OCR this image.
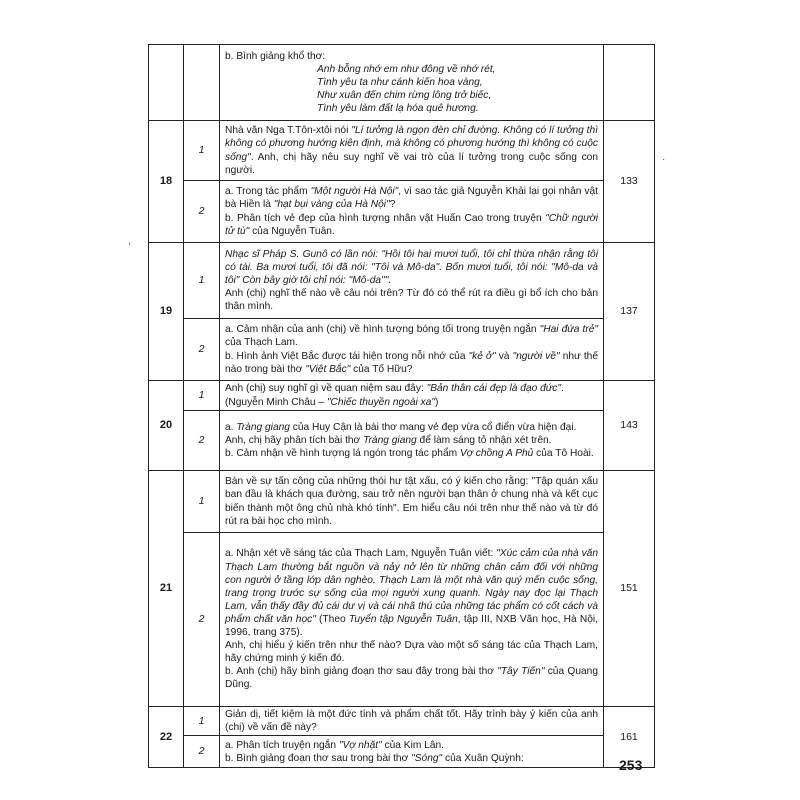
		b. Bình giảng khổ thơ:
Anh bỗng nhớ em như đông về nhớ rét,
Tình yêu ta như cánh kiến hoa vàng,
Như xuân đến chim rừng lông trở biếc,
Tình yêu làm đất lạ hóa quê hương.	

18	1	Nhà văn Nga T.Tôn-xtôi nói "Lí tưởng là ngọn đèn chỉ đường. Không có lí tưởng thì không có phương hướng kiên định, mà không có phương hướng thì không có cuộc sống". Anh, chị hãy nêu suy nghĩ về vai trò của lí tưởng trong cuộc sống con người.	133
	2	a. Trong tác phẩm "Một người Hà Nội", vì sao tác giả Nguyễn Khải lại gọi nhân vật bà Hiền là "hạt bụi vàng của Hà Nội"?
b. Phân tích vẻ đẹp của hình tượng nhân vật Huấn Cao trong truyện "Chữ người tử tù" của Nguyễn Tuân.	

19	1	Nhạc sĩ Pháp S. Gunô có lần nói: "Hồi tôi hai mươi tuổi, tôi chỉ thừa nhận rằng tôi có tài. Ba mươi tuổi, tôi đã nói: "Tôi và Mô-da". Bốn mươi tuổi, tôi nói: "Mô-da và tôi" Còn bây giờ tôi chỉ nói: "Mô-da"".
Anh (chị) nghĩ thế nào về câu nói trên? Từ đó có thể rút ra điều gì bổ ích cho bản thân mình.	137
	2	a. Cảm nhận của anh (chị) về hình tượng bóng tối trong truyện ngắn "Hai đứa trẻ" của Thạch Lam.
b. Hình ảnh Việt Bắc được tái hiện trong nỗi nhớ của "kẻ ở" và "người về" như thế nào trong bài thơ "Việt Bắc" của Tố Hữu?	

20	1	Anh (chị) suy nghĩ gì về quan niệm sau đây: "Bản thân cái đẹp là đạo đức".
(Nguyễn Minh Châu – "Chiếc thuyền ngoài xa")	143
	2	a. Tràng giang của Huy Cận là bài thơ mang vẻ đẹp vừa cổ điển vừa hiện đại.
Anh, chị hãy phân tích bài thơ Tràng giang để làm sáng tỏ nhận xét trên.
b. Cảm nhận về hình tượng lá ngón trong tác phẩm Vợ chồng A Phủ của Tô Hoài.	

21	1	Bàn về sự tấn công của những thói hư tật xấu, có ý kiến cho rằng: "Tập quán xấu ban đầu là khách qua đường, sau trở nên người bạn thân ở chung nhà và kết cục biến thành một ông chủ nhà khó tính". Em hiểu câu nói trên như thế nào và từ đó rút ra bài học cho mình.	151
	2	a. Nhận xét về sáng tác của Thạch Lam, Nguyễn Tuân viết: "Xúc cảm của nhà văn Thạch Lam thường bắt nguồn và nảy nở lên từ những chân cảm đối với những con người ở tầng lớp dân nghèo. Thạch Lam là một nhà văn quý mến cuộc sống, trang trọng trước sự sống của mọi người xung quanh. Ngày nay đọc lại Thạch Lam, vẫn thấy đầy đủ cái dư vị và cái nhã thú của những tác phẩm có cốt cách và phẩm chất văn học" (Theo Tuyển tập Nguyễn Tuân, tập III, NXB Văn học, Hà Nội, 1996, trang 375).
Anh, chị hiểu ý kiến trên như thế nào? Dựa vào một số sáng tác của Thạch Lam, hãy chứng minh ý kiến đó.
b. Anh (chị) hãy bình giảng đoạn thơ sau đây trong bài thơ "Tây Tiến" của Quang Dũng.	

22	1	Giản dị, tiết kiệm là một đức tính và phẩm chất tốt. Hãy trình bày ý kiến của anh (chị) về vấn đề này?	161
	2	a. Phân tích truyện ngắn "Vợ nhặt" của Kim Lân.
b. Bình giảng đoạn thơ sau trong bài thơ "Sóng" của Xuân Quỳnh:	
·
,
253
